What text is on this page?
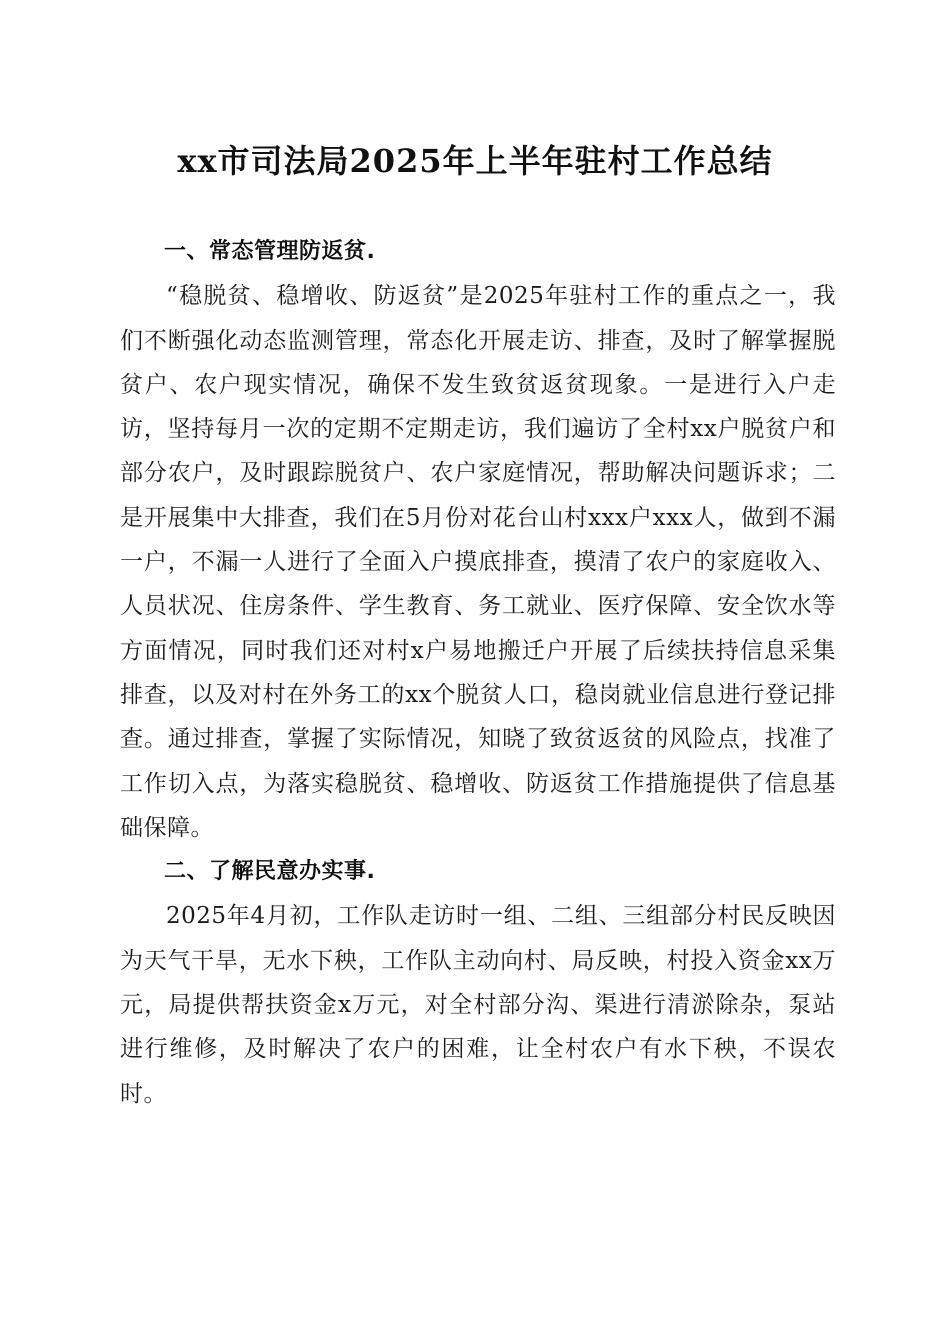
xx市司法局2025年上半年驻村工作总结
一、常态管理防返贫.

“稳脱贫、稳增收、防返贫”是2025年驻村工作的重点之一，我们不断强化动态监测管理，常态化开展走访、排查，及时了解掌握脱贫户、农户现实情况，确保不发生致贫返贫现象。一是进行入户走访，坚持每月一次的定期不定期走访，我们遍访了全村xx户脱贫户和部分农户，及时跟踪脱贫户、农户家庭情况，帮助解决问题诉求；二是开展集中大排查，我们在5月份对花台山村xxx户xxx人，做到不漏一户，不漏一人进行了全面入户摸底排查，摸清了农户的家庭收入、人员状况、住房条件、学生教育、务工就业、医疗保障、安全饮水等方面情况，同时我们还对村x户易地搬迁户开展了后续扶持信息采集排查，以及对村在外务工的xx个脱贫人口，稳岗就业信息进行登记排查。通过排查，掌握了实际情况，知晓了致贫返贫的风险点，找准了工作切入点，为落实稳脱贫、稳增收、防返贫工作措施提供了信息基础保障。

二、了解民意办实事.

2025年4月初，工作队走访时一组、二组、三组部分村民反映因为天气干旱，无水下秧，工作队主动向村、局反映，村投入资金xx万元，局提供帮扶资金x万元，对全村部分沟、渠进行清淤除杂，泵站进行维修，及时解决了农户的困难，让全村农户有水下秧，不误农时。
